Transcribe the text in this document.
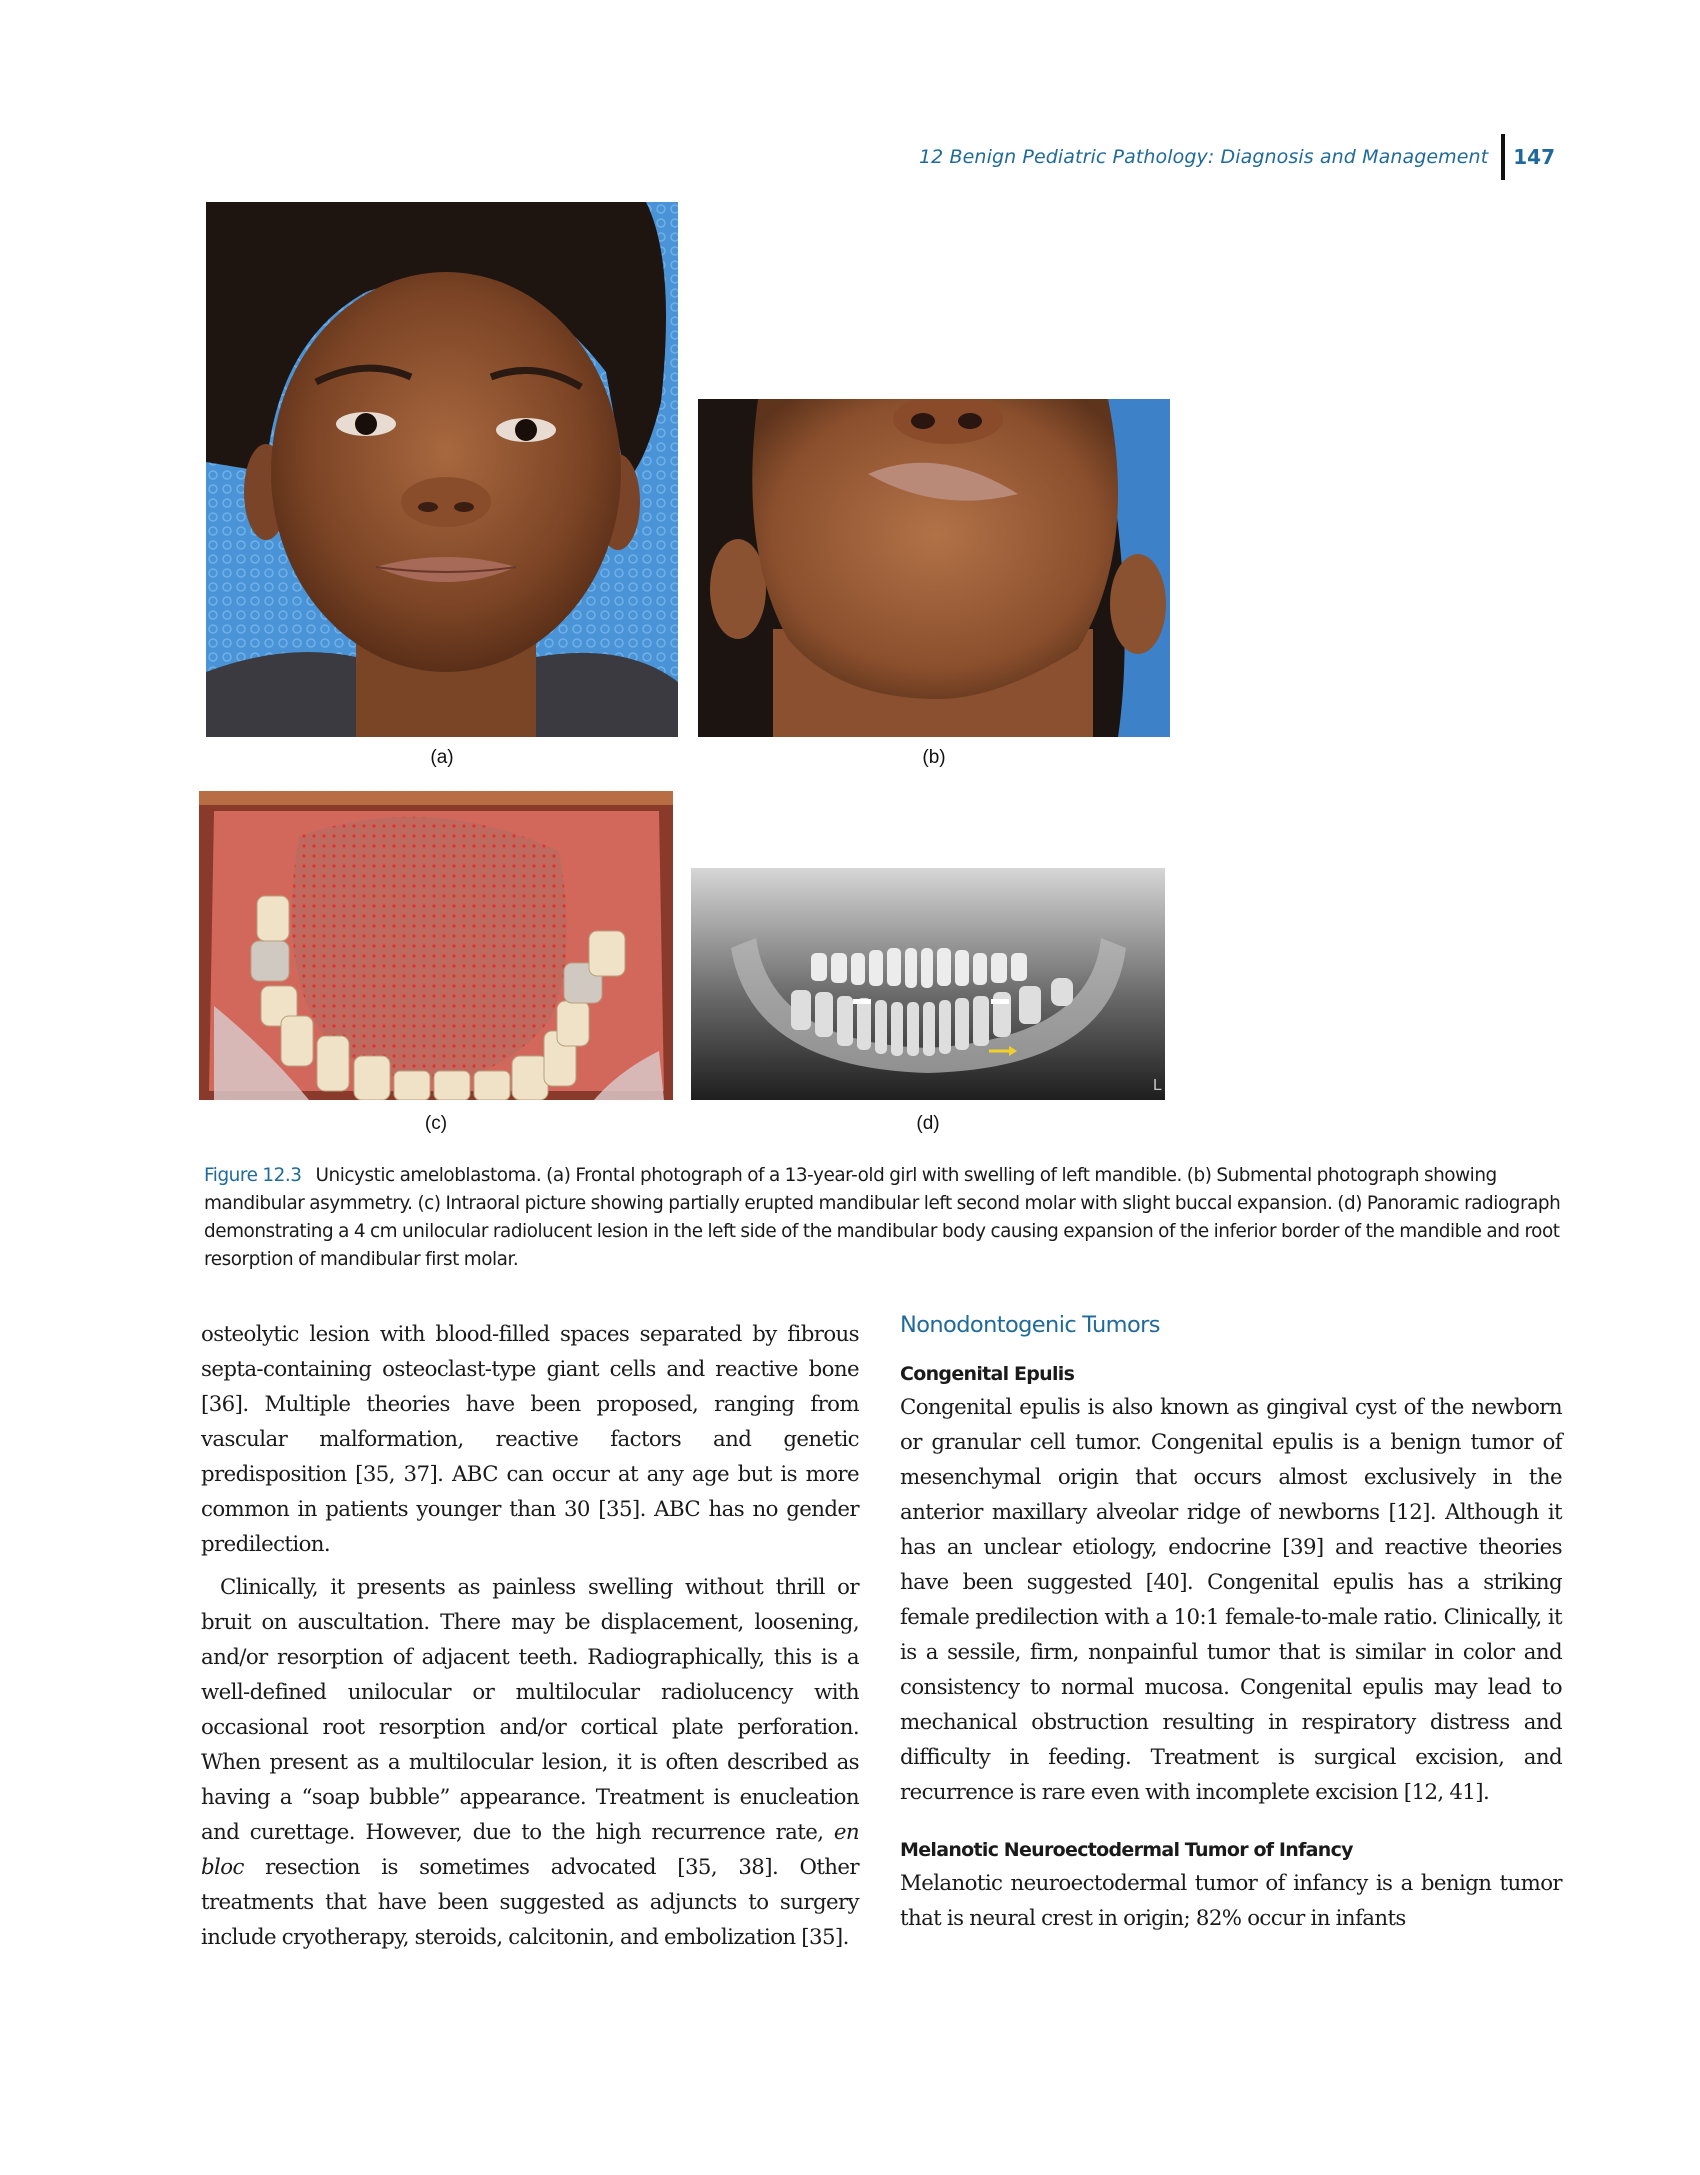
12 Benign Pediatric Pathology: Diagnosis and Management	147
(a)	(b)
(c)
L
(d)
Figure 12.3 Unicystic ameloblastoma. (a) Frontal photograph of a 13-year-old girl with swelling of left mandible. (b) Submental photograph showing mandibular asymmetry. (c) Intraoral picture showing partially erupted mandibular left second molar with slight buccal expansion. (d) Panoramic radiograph demonstrating a 4 cm unilocular radiolucent lesion in the left side of the mandibular body causing expansion of the inferior border of the mandible and root resorption of mandibular first molar.

osteolytic lesion with blood-filled spaces separated by fibrous septa-containing osteoclast-type giant cells and reactive bone [36]. Multiple theories have been proposed, ranging from vascular malformation, reactive factors and genetic predisposition [35, 37]. ABC can occur at any age but is more common in patients younger than 30 [35]. ABC has no gender predilection.

Clinically, it presents as painless swelling without thrill or bruit on auscultation. There may be displacement, loosening, and/or resorption of adjacent teeth. Radiographically, this is a well-defined unilocular or multilocular radiolucency with occasional root resorption and/or cortical plate perforation. When present as a multilocular lesion, it is often described as having a “soap bubble” appearance. Treatment is enucleation and curettage. However, due to the high recurrence rate, en bloc resection is sometimes advocated [35, 38]. Other treatments that have been suggested as adjuncts to surgery include cryotherapy, steroids, calcitonin, and embolization [35].

Nonodontogenic Tumors
Congenital Epulis

Congenital epulis is also known as gingival cyst of the newborn or granular cell tumor. Congenital epulis is a benign tumor of mesenchymal origin that occurs almost exclusively in the anterior maxillary alveolar ridge of newborns [12]. Although it has an unclear etiology, endocrine [39] and reactive theories have been suggested [40]. Congenital epulis has a striking female predilection with a 10:1 female-to-male ratio. Clinically, it is a sessile, firm, nonpainful tumor that is similar in color and consistency to normal mucosa. Congenital epulis may lead to mechanical obstruction resulting in respiratory distress and difficulty in feeding. Treatment is surgical excision, and recurrence is rare even with incomplete excision [12, 41].

Melanotic Neuroectodermal Tumor of Infancy

Melanotic neuroectodermal tumor of infancy is a benign tumor that is neural crest in origin; 82% occur in infants
